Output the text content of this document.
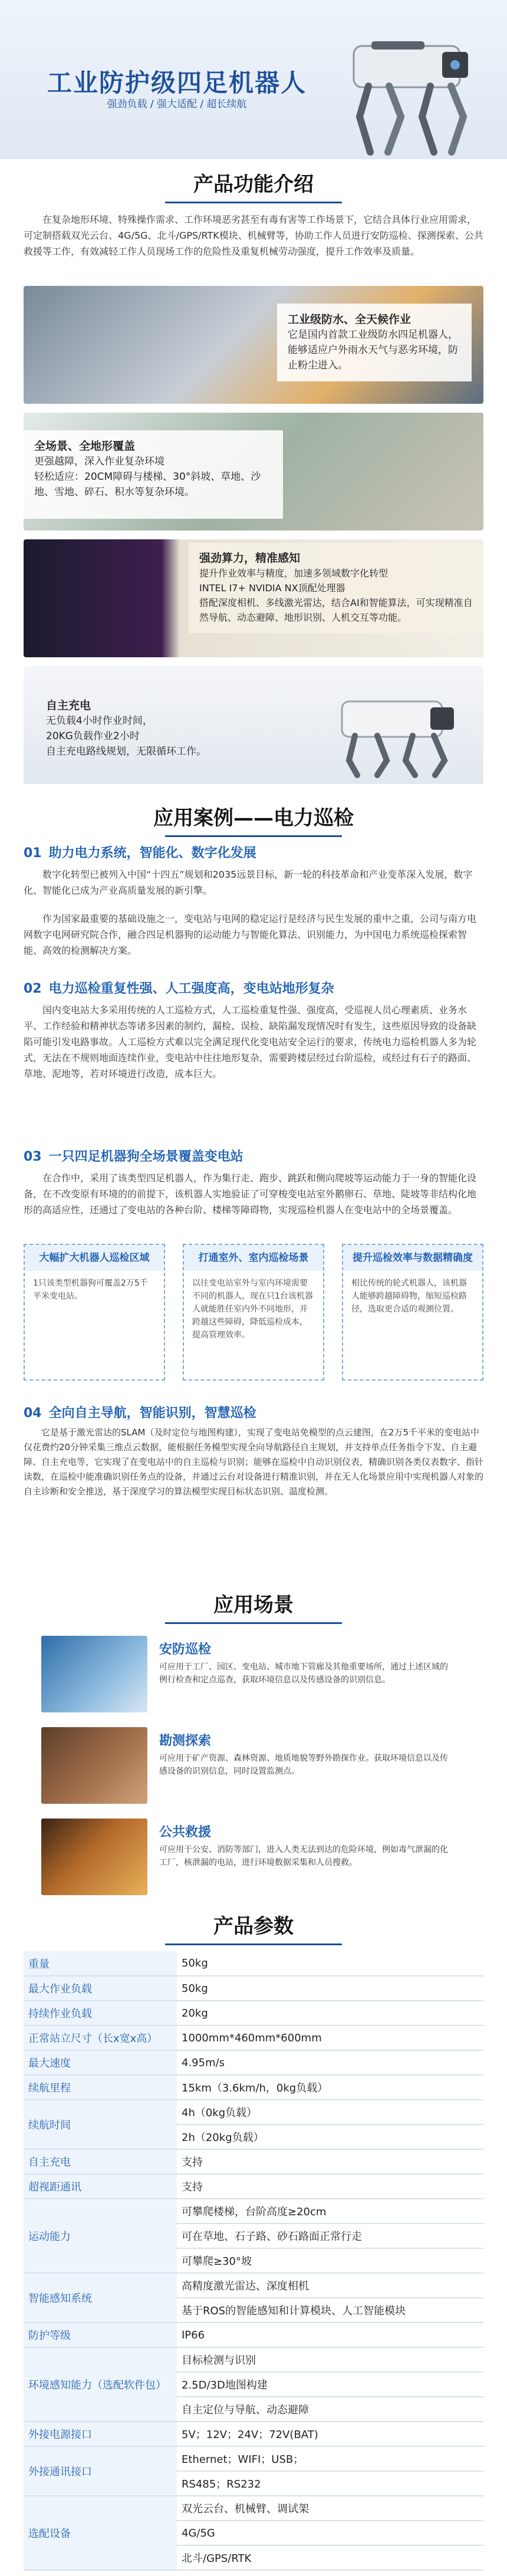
工业防护级四足机器人
强劲负载 / 强大适配 / 超长续航
产品功能介绍

在复杂地形环境、特殊操作需求、工作环境恶劣甚至有毒有害等工作场景下，它结合具体行业应用需求，可定制搭载双光云台、4G/5G、北斗/GPS/RTK模块、机械臂等，协助工作人员进行安防巡检、探测探索、公共救援等工作，有效减轻工作人员现场工作的危险性及重复机械劳动强度，提升工作效率及质量。

工业级防水、全天候作业
它是国内首款工业级防水四足机器人，能够适应户外雨水天气与恶劣环境，防止粉尘进入。
全场景、全地形覆盖
更强越障，深入作业复杂环境
轻松适应：20CM障碍与楼梯、30°斜坡、草地、沙地、雪地、碎石、积水等复杂环境。
强劲算力，精准感知
提升作业效率与精度，加速多领域数字化转型
INTEL I7+ NVIDIA NX顶配处理器
搭配深度相机、多线激光雷达，结合AI和智能算法，可实现精准自然导航、动态避障、地形识别、人机交互等功能。
自主充电
无负载4小时作业时间，
20KG负载作业2小时
自主充电路线规划，无限循环工作。
应用案例——电力巡检
01 助力电力系统，智能化、数字化发展

数字化转型已被列入中国“十四五”规划和2035远景目标，新一轮的科技革命和产业变革深入发展，数字化、智能化已成为产业高质量发展的新引擎。

作为国家最重要的基础设施之一，变电站与电网的稳定运行是经济与民生发展的重中之重，公司与南方电网数字电网研究院合作，融合四足机器狗的运动能力与智能化算法、识别能力，为中国电力系统巡检探索智能、高效的检测解决方案。

02 电力巡检重复性强、人工强度高，变电站地形复杂

国内变电站大多采用传统的人工巡检方式，人工巡检重复性强、强度高，受巡视人员心理素质、业务水平、工作经验和精神状态等诸多因素的制约，漏检、误检、缺陷漏发现情况时有发生，这些原因导致的设备缺陷可能引发电路事故。人工巡检方式难以完全满足现代化变电站安全运行的要求，传统电力巡检机器人多为轮式，无法在不规则地面连续作业，变电站中往往地形复杂，需要跨楼层经过台阶巡检，或经过有石子的路面、草地、泥地等，若对环境进行改造，成本巨大。

03 一只四足机器狗全场景覆盖变电站

在合作中，采用了该类型四足机器人，作为集行走、跑步、跳跃和侧向爬坡等运动能力于一身的智能化设备，在不改变原有环境的的前提下，该机器人实地验证了可穿梭变电站室外鹅卵石、草地、陡坡等非结构化地形的高适应性，还通过了变电站的各种台阶、楼梯等障碍物，实现巡检机器人在变电站中的全场景覆盖。

大幅扩大机器人巡检区域
1只该类型机器狗可覆盖2万5千平米变电站。
打通室外、室内巡检场景
以往变电站室外与室内环境需要不同的机器人，现在只1台该机器人就能胜任室内外不同地形，并跨越这些障碍，降低巡检成本，提高管理效率。
提升巡检效率与数据精确度
相比传统的轮式机器人，该机器人能够跨越障碍物，缩短巡检路径，选取更合适的观测位置。
04 全向自主导航，智能识别，智慧巡检

它是基于激光雷达的SLAM（及时定位与地图构建），实现了变电站免模型的点云建图，在2万5千平米的变电站中仅花费约20分钟采集三维点云数据，能根据任务模型实现全向导航路径自主规划，并支持单点任务指令下发、自主避障、自主充电等，它实现了在变电站中的自主巡检与识别；能够在巡检中自动识别仪表，精确识别各类仪表数字、指针读数，在巡检中能准确识别任务点的设备，并通过云台对设备进行精准识别，并在无人化场景应用中实现机器人对象的自主诊断和安全推送，基于深度学习的算法模型实现目标状态识别、温度检测。

应用场景
安防巡检
可应用于工厂、园区、变电站、城市地下管廊及其他重要场所，通过上述区域的例行检查和定点巡查，获取环境信息以及传感设备的识别信息。
勘测探索
可应用于矿产资源、森林资源、地质地貌等野外勘探作业。获取环境信息以及传感设备的识别信息，同时设置监测点。
公共救援
可应用于公安、消防等部门，进入人类无法到达的危险环境，例如毒气泄漏的化工厂，核泄漏的电站，进行环境数据采集和人员搜救。
产品参数
重量	50kg
最大作业负载	50kg
持续作业负载	20kg
正常站立尺寸（长x宽x高）	1000mm*460mm*600mm
最大速度	4.95m/s
续航里程	15km（3.6km/h，0kg负载）
续航时间	4h（0kg负载）
	2h（20kg负载）
自主充电	支持
超视距通讯	支持
运动能力	可攀爬楼梯，台阶高度≥20cm
	可在草地、石子路、砂石路面正常行走
	可攀爬≥30°坡
智能感知系统	高精度激光雷达、深度相机
	基于ROS的智能感知和计算模块、人工智能模块
防护等级	IP66
环境感知能力（选配软件包）	目标检测与识别
	2.5D/3D地图构建
	自主定位与导航、动态避障
外接电源接口	5V；12V；24V；72V(BAT)
外接通讯接口	Ethernet；WIFI；USB；
	RS485；RS232
选配设备	双光云台、机械臂、调试架
	4G/5G
	北斗/GPS/RTK
